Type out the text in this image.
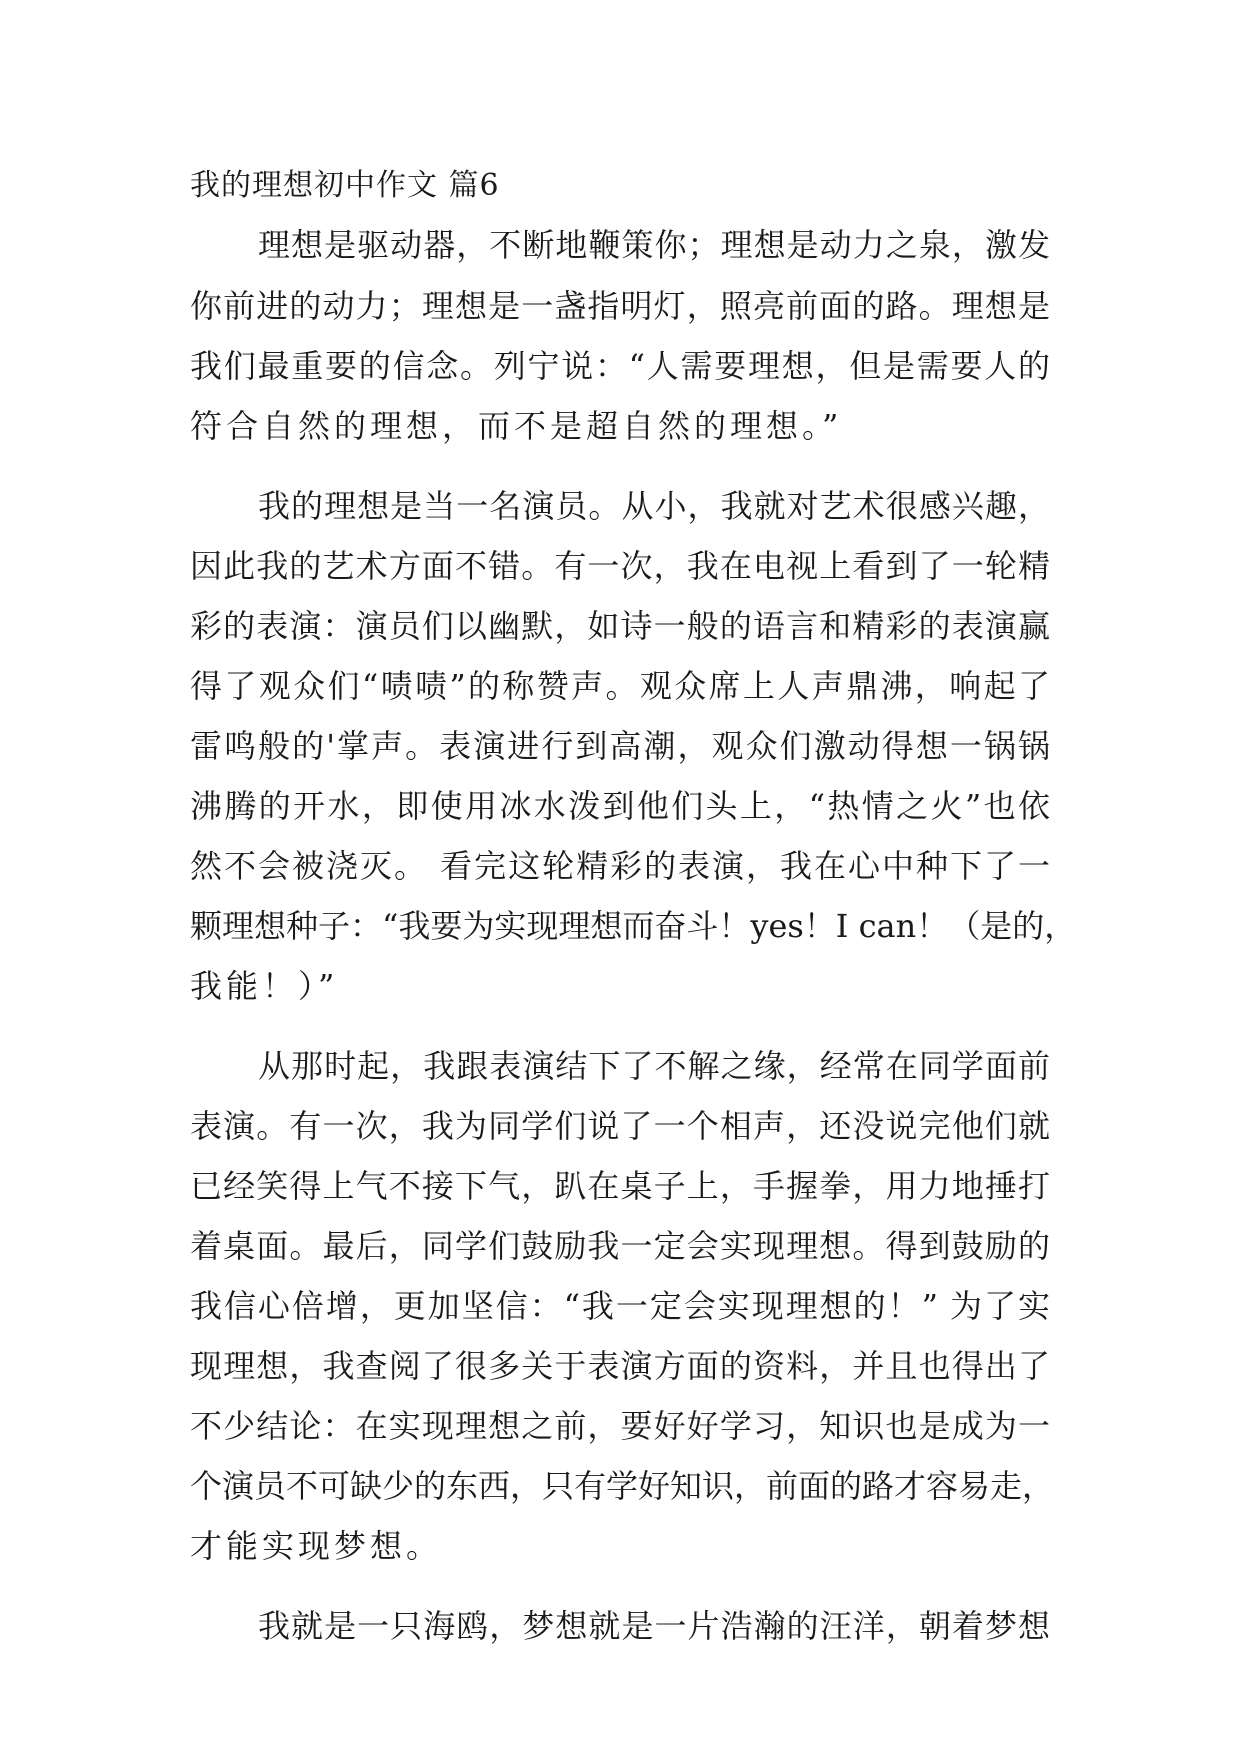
我的理想初中作文 篇6
理想是驱动器，不断地鞭策你；理想是动力之泉，激发
你前进的动力；理想是一盏指明灯，照亮前面的路。理想是
我们最重要的信念。列宁说：“人需要理想，但是需要人的
符合自然的理想，而不是超自然的理想。”
我的理想是当一名演员。从小，我就对艺术很感兴趣，
因此我的艺术方面不错。有一次，我在电视上看到了一轮精
彩的表演：演员们以幽默，如诗一般的语言和精彩的表演赢
得了观众们“啧啧”的称赞声。观众席上人声鼎沸，响起了
雷鸣般的'掌声。表演进行到高潮，观众们激动得想一锅锅
沸腾的开水，即使用冰水泼到他们头上，“热情之火”也依
然不会被浇灭。 看完这轮精彩的表演，我在心中种下了一
颗理想种子：“我要为实现理想而奋斗！yes！I can！（是的，
我能！）”
从那时起，我跟表演结下了不解之缘，经常在同学面前
表演。有一次，我为同学们说了一个相声，还没说完他们就
已经笑得上气不接下气，趴在桌子上，手握拳，用力地捶打
着桌面。最后，同学们鼓励我一定会实现理想。得到鼓励的
我信心倍增，更加坚信：“我一定会实现理想的！” 为了实
现理想，我查阅了很多关于表演方面的资料，并且也得出了
不少结论：在实现理想之前，要好好学习，知识也是成为一
个演员不可缺少的东西，只有学好知识，前面的路才容易走，
才能实现梦想。
我就是一只海鸥，梦想就是一片浩瀚的汪洋，朝着梦想
